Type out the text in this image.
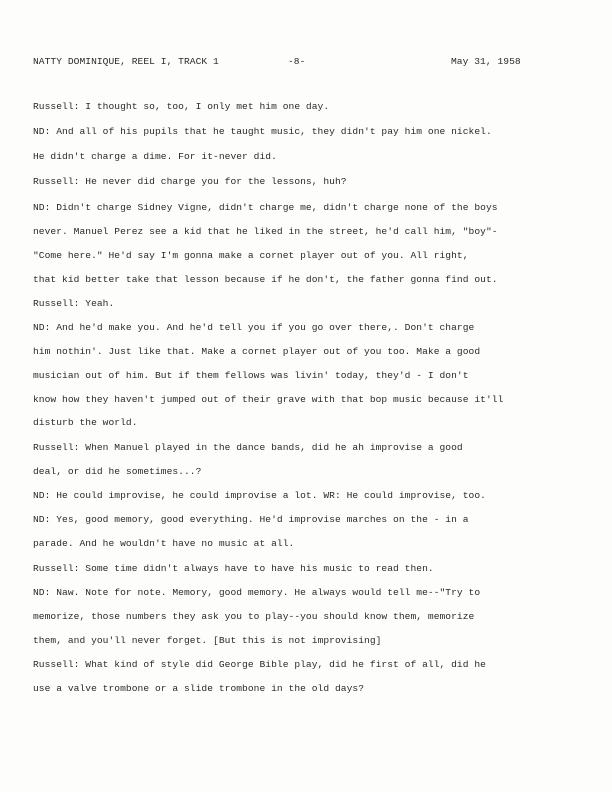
NATTY DOMINIQUE, REEL I, TRACK 1	-8-	May 31, 1958
Russell: I thought so, too, I only met him one day.
ND: And all of his pupils that he taught music, they didn't pay him one nickel.
He didn't charge a dime. For it-never did.
Russell: He never did charge you for the lessons, huh?
ND: Didn't charge Sidney Vigne, didn't charge me, didn't charge none of the boys
never. Manuel Perez see a kid that he liked in the street, he'd call him, "boy"-
"Come here." He'd say I'm gonna make a cornet player out of you. All right,
that kid better take that lesson because if he don't, the father gonna find out.
Russell: Yeah.
ND: And he'd make you. And he'd tell you if you go over there,. Don't charge
him nothin'. Just like that. Make a cornet player out of you too. Make a good
musician out of him. But if them fellows was livin' today, they'd - I don't
know how they haven't jumped out of their grave with that bop music because it'll
disturb the world.
Russell: When Manuel played in the dance bands, did he ah improvise a good
deal, or did he sometimes...?
ND: He could improvise, he could improvise a lot. WR: He could improvise, too.
ND: Yes, good memory, good everything. He'd improvise marches on the - in a
parade. And he wouldn't have no music at all.
Russell: Some time didn't always have to have his music to read then.
ND: Naw. Note for note. Memory, good memory. He always would tell me--"Try to
memorize, those numbers they ask you to play--you should know them, memorize
them, and you'll never forget. [But this is not improvising]
Russell: What kind of style did George Bible play, did he first of all, did he
use a valve trombone or a slide trombone in the old days?
